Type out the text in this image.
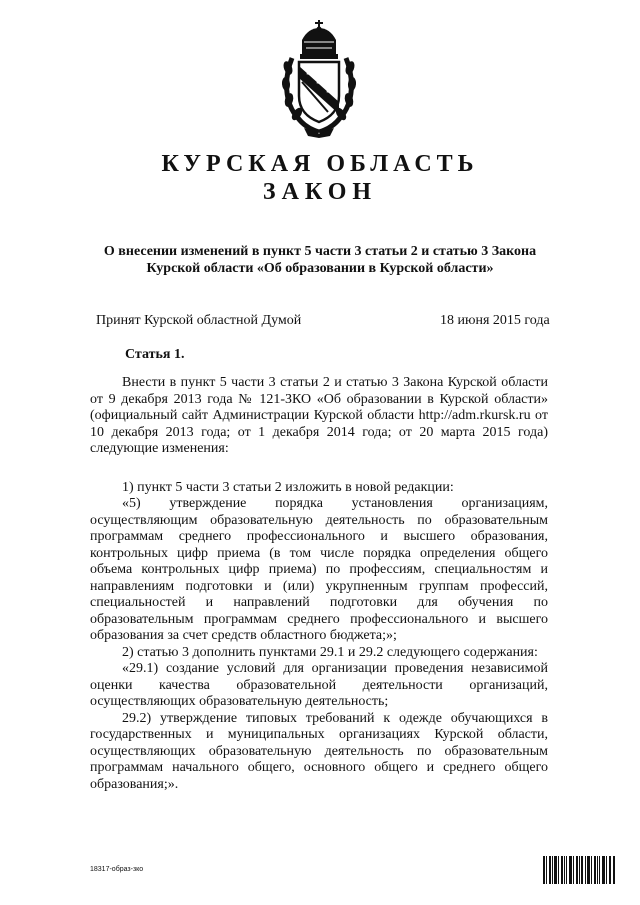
КУРСКАЯ ОБЛАСТЬ
ЗАКОН
О внесении изменений в пункт 5 части 3 статьи 2 и статью 3 Закона Курской области «Об образовании в Курской области»
Принят Курской областной Думой	18 июня 2015 года
Статья 1.

Внести в пункт 5 части 3 статьи 2 и статью 3 Закона Курской области от 9 декабря 2013 года № 121-ЗКО «Об образовании в Курской области» (официальный сайт Администрации Курской области http://adm.rkursk.ru от 10 декабря 2013 года; от 1 декабря 2014 года; от 20 марта 2015 года) следующие изменения:

1) пункт 5 части 3 статьи 2 изложить в новой редакции:

«5) утверждение порядка установления организациям, осуществляющим образовательную деятельность по образовательным программам среднего профессионального и высшего образования, контрольных цифр приема (в том числе порядка определения общего объема контрольных цифр приема) по профессиям, специальностям и направлениям подготовки и (или) укрупненным группам профессий, специальностей и направлений подготовки для обучения по образовательным программам среднего профессионального и высшего образования за счет средств областного бюджета;»;

2) статью 3 дополнить пунктами 29.1 и 29.2 следующего содержания:

«29.1) создание условий для организации проведения независимой оценки качества образовательной деятельности организаций, осуществляющих образовательную деятельность;

29.2) утверждение типовых требований к одежде обучающихся в государственных и муниципальных организациях Курской области, осуществляющих образовательную деятельность по образовательным программам начального общего, основного общего и среднего общего образования;».

18317-образ-зко
